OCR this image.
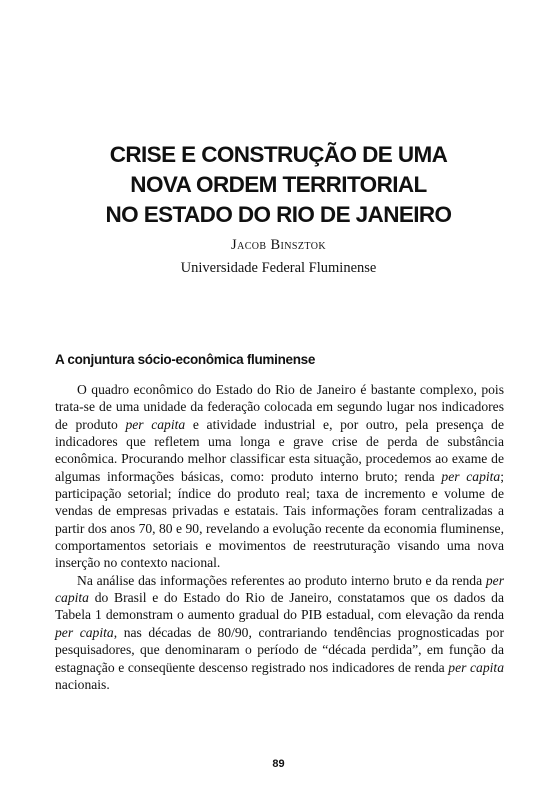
CRISE E CONSTRUÇÃO DE UMA
NOVA ORDEM TERRITORIAL
NO ESTADO DO RIO DE JANEIRO
Jacob Binsztok
Universidade Federal Fluminense
A conjuntura sócio-econômica fluminense

O quadro econômico do Estado do Rio de Janeiro é bastante complexo, pois trata-se de uma unidade da federação colocada em segundo lugar nos indicadores de produto per capita e atividade industrial e, por outro, pela presença de indicadores que refletem uma longa e grave crise de perda de substância econômica. Procurando melhor classificar esta situação, procedemos ao exame de algumas informações básicas, como: produto interno bruto; renda per capita; participação setorial; índice do produto real; taxa de incremento e volume de vendas de empresas privadas e estatais. Tais informações foram centralizadas a partir dos anos 70, 80 e 90, revelando a evolução recente da economia fluminense, comportamentos setoriais e movimentos de reestruturação visando uma nova inserção no contexto nacional.

Na análise das informações referentes ao produto interno bruto e da renda per capita do Brasil e do Estado do Rio de Janeiro, constatamos que os dados da Tabela 1 demonstram o aumento gradual do PIB estadual, com elevação da renda per capita, nas décadas de 80/90, contrariando tendências prognosticadas por pesquisadores, que denominaram o período de “década perdida”, em função da estagnação e conseqüente descenso registrado nos indicadores de renda per capita nacionais.

89
